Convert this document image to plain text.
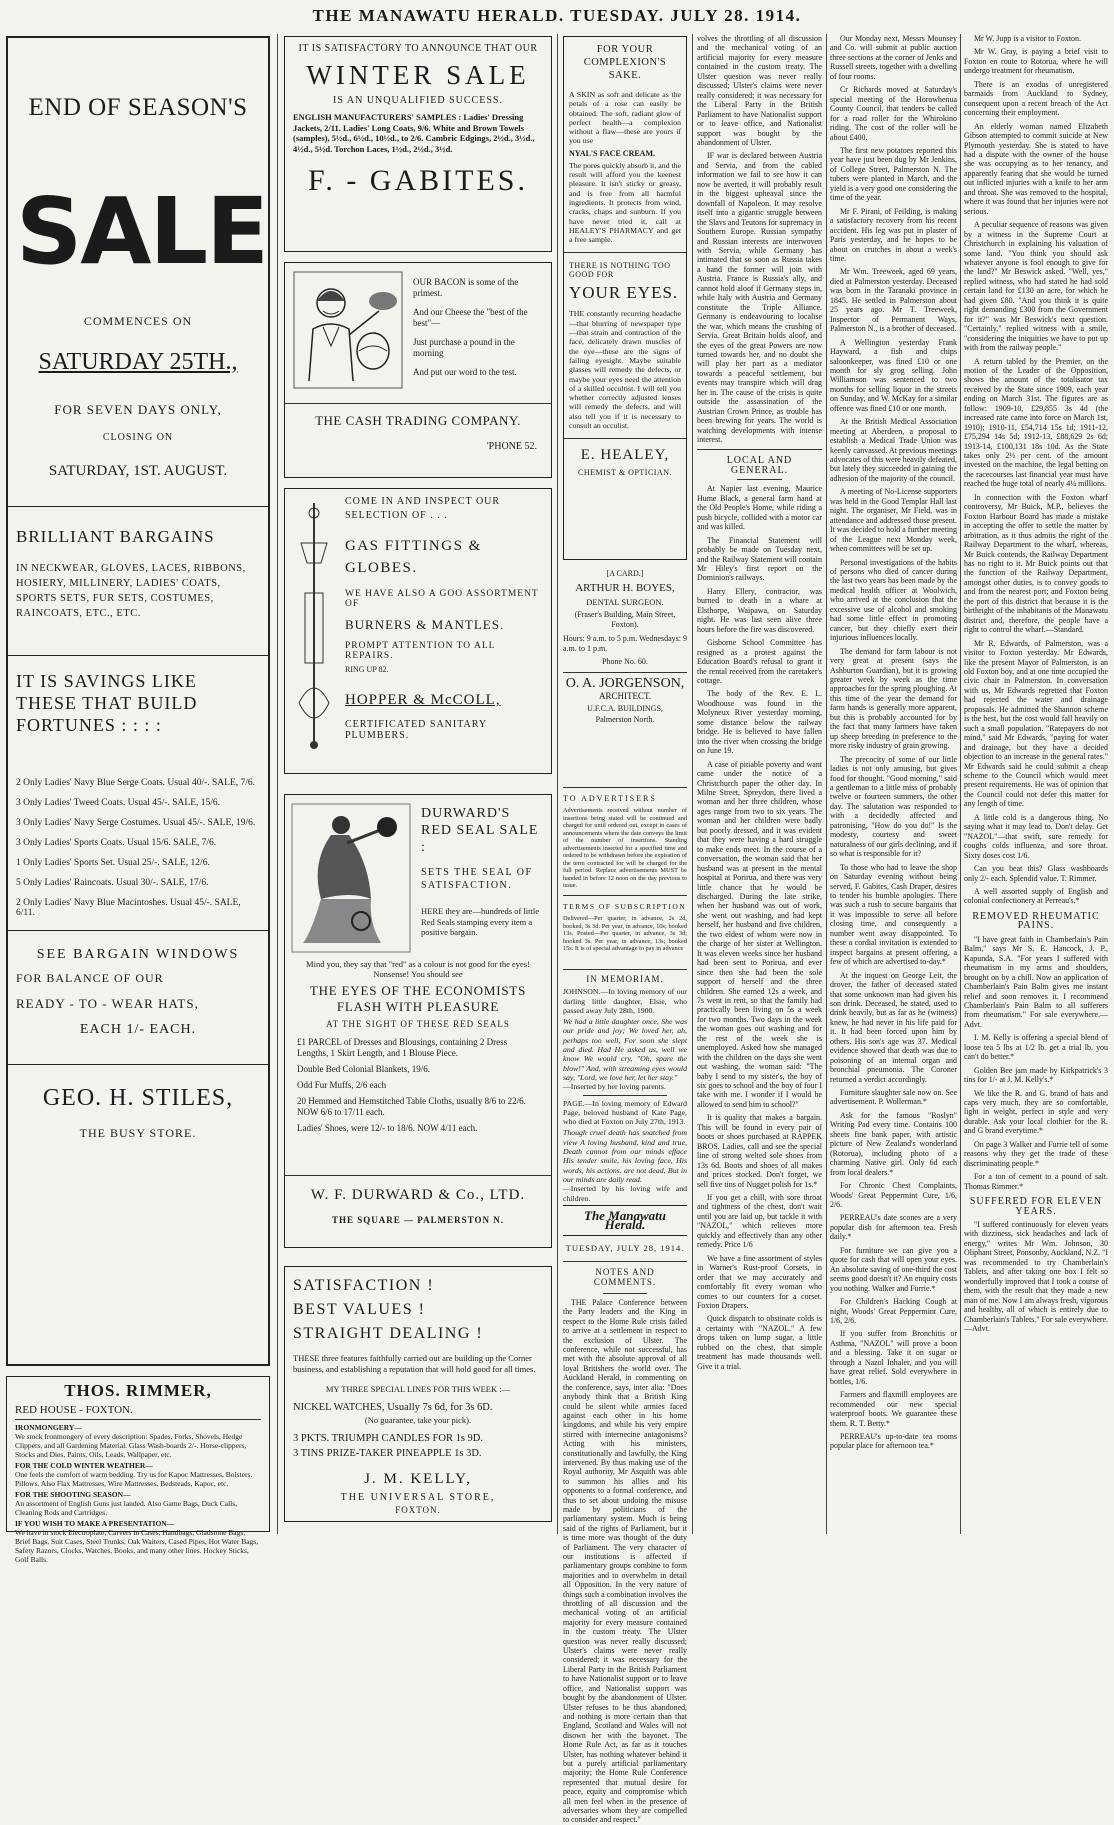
THE MANAWATU HERALD. TUESDAY. JULY 28. 1914.
END OF SEASON'S
SALE
COMMENCES ON
SATURDAY 25TH.,
FOR SEVEN DAYS ONLY,
CLOSING ON
SATURDAY, 1ST. AUGUST.
BRILLIANT BARGAINS
IN NECKWEAR, GLOVES, LACES, RIBBONS, HOSIERY, MILLINERY, LADIES' COATS, SPORTS SETS, FUR SETS, COSTUMES, RAINCOATS, ETC., ETC.
IT IS SAVINGS LIKE THESE THAT BUILD FORTUNES : : : :

2 Only Ladies' Navy Blue Serge Coats. Usual 40/-. SALE, 7/6.

3 Only Ladies' Tweed Coats. Usual 45/-. SALE, 15/6.

3 Only Ladies' Navy Serge Costumes. Usual 45/-. SALE, 19/6.

3 Only Ladies' Sports Coats. Usual 15/6. SALE, 7/6.

1 Only Ladies' Sports Set. Usual 25/-. SALE, 12/6.

5 Only Ladies' Raincoats. Usual 30/-. SALE, 17/6.

2 Only Ladies' Navy Blue Macintoshes. Usual 45/-. SALE, 6/11.

SEE BARGAIN WINDOWS
FOR BALANCE OF OUR
READY - TO - WEAR HATS,
EACH 1/- EACH.
GEO. H. STILES,
THE BUSY STORE.
THOS. RIMMER,
RED HOUSE - FOXTON.
IRONMONGERY—
We stock Ironmongery of every description: Spades, Forks, Shovels, Hedge Clippers, and all Gardening Material. Glass Wash-boards 2/-. Horse-clippers, Stocks and Dies, Paints, Oils, Leads, Wallpaper, etc.
FOR THE COLD WINTER WEATHER—
One feels the comfort of warm bedding. Try us for Kapoc Mattresses, Bolsters, Pillows. Also Flax Mattresses, Wire Mattresses, Bedsteads, Kapoc, etc.
FOR THE SHOOTING SEASON—
An assortment of English Guns just landed. Also Game Bags, Duck Calls, Cleaning Rods and Cartridges.
IF YOU WISH TO MAKE A PRESENTATION—
We have in stock Electroplate, Carvers in Cases, Handbags, Gladstone Bags, Brief Bags, Suit Cases, Steel Trunks, Oak Waiters, Cased Pipes, Hot Water Bags, Safety Razors, Clocks, Watches, Books, and many other lines. Hockey Sticks, Golf Balls.
IT IS SATISFACTORY TO ANNOUNCE THAT OUR
WINTER SALE
IS AN UNQUALIFIED SUCCESS.
ENGLISH MANUFACTURERS' SAMPLES : Ladies' Dressing Jackets, 2/11. Ladies' Long Coats, 9/6. White and Brown Towels (samples), 5½d., 6½d., 10½d., to 2/6. Cambric Edgings, 2½d., 3½d., 4½d., 5½d. Torchon Laces, 1½d., 2½d., 3½d.
F. - GABITES.
OUR BACON is some of the primest.
And our Cheese the "best of the best"—
Just purchase a pound in the morning
And put our word to the test.
THE CASH TRADING COMPANY.
'PHONE 52.
COME IN AND INSPECT OUR SELECTION OF . . .
GAS FITTINGS & GLOBES.
WE HAVE ALSO A GOO ASSORTMENT OF
BURNERS & MANTLES.
PROMPT ATTENTION TO ALL REPAIRS.
RING UP 82.
HOPPER & McCOLL,
CERTIFICATED SANITARY PLUMBERS.
DURWARD'S RED SEAL SALE :
SETS THE SEAL OF SATISFACTION.
HERE they are—hundreds of little Red Seals stamping every item a positive bargain.
Mind you, they say that "red" as a colour is not good for the eyes! Nonsense! You should see
THE EYES OF THE ECONOMISTS FLASH WITH PLEASURE
AT THE SIGHT OF THESE RED SEALS
£1 PARCEL of Dresses and Blousings, containing 2 Dress Lengths, 1 Skirt Length, and 1 Blouse Piece.
Double Bed Colonial Blankets, 19/6.
Odd Fur Muffs, 2/6 each
20 Hemmed and Hemstitched Table Cloths, usually 8/6 to 22/6. NOW 6/6 to 17/11 each.
Ladies' Shoes, were 12/- to 18/6. NOW 4/11 each.
W. F. DURWARD & Co., LTD.
THE SQUARE — PALMERSTON N.
SATISFACTION !
BEST VALUES !
STRAIGHT DEALING !
THESE three features faithfully carried out are building up the Corner business, and establishing a reputation that will hold good for all times.
MY THREE SPECIAL LINES FOR THIS WEEK :—
NICKEL WATCHES, Usually 7s 6d, for 3s 6D.
(No guarantee, take your pick).
3 PKTS. TRIUMPH CANDLES FOR 1s 9D.
3 TINS PRIZE-TAKER PINEAPPLE 1s 3D.
J. M. KELLY,
THE UNIVERSAL STORE,
FOXTON.
FOR YOUR COMPLEXION'S SAKE.
A SKIN as soft and delicate as the petals of a rose can easily be obtained. The soft, radiant glow of perfect health—a complexion without a flaw—these are yours if you use
NYAL'S FACE CREAM.
The pores quickly absorb it, and the result will afford you the keenest pleasure. It isn't sticky or greasy, and is free from all harmful ingredients. It protects from wind, cracks, chaps and sunburn. If you have never tried it, call at HEALEY'S PHARMACY and get a free sample.
THERE IS NOTHING TOO GOOD FOR
YOUR EYES.
THE constantly recurring headache—that blurring of newspaper type—that strain and contraction of the face, delicately drawn muscles of the eye—these are the signs of failing eyesight. Maybe suitable glasses will remedy the defects, or maybe your eyes need the attention of a skilled occultist. I will tell you whether correctly adjusted lenses will remedy the defects, and will also tell you if it is necessary to consult an occulist.
E. HEALEY,
CHEMIST & OPTICIAN.
[A CARD.]
ARTHUR H. BOYES,
DENTAL SURGEON.
(Fraser's Building, Main Street, Foxton).
Hours: 9 a.m. to 5 p.m. Wednesdays: 9 a.m. to 1 p.m.
Phone No. 60.
O. A. JORGENSON,
ARCHITECT.
U.F.C.A. BUILDINGS,
Palmerston North.
TO ADVERTISERS
Advertisements received without number of insertions being stated will be continued and charged for until ordered out, except in cases of announcements where the date conveys the limit of the number of insertions. Standing advertisements inserted for a specified time and ordered to be withdrawn before the expiration of the term contracted for will be charged for the full period. Replace advertisements MUST be handed in before 12 noon on the day previous to issue.
TERMS OF SUBSCRIPTION
Delivered—Per quarter, in advance, 2s 2d, booked, 3s 3d. Per year, in advance, 10s; booked 13s. Posted—Per quarter, in advance, 3s 3d; booked 3s. Per year, in advance, 13s; booked 15s. It is of special advantage to pay in advance
IN MEMORIAM.
JOHNSON.—In loving memory of our darling little daughter, Elsie, who passed away July 28th, 1900.
We had a little daughter once, She was our pride and joy; We loved her, ah, perhaps too well, For soon she slept and died. Had He asked us, well we know We would cry, "Oh, spare the blow!" And, with streaming eyes would say, "Lord, we love her, let her stay."
—Inserted by her loving parents.
PAGE.—In loving memory of Edward Page, beloved husband of Kate Page, who died at Foxton on July 27th, 1913.
Though cruel death has snatched from view A loving husband, kind and true, Death cannot from our minds efface His tender smile, his loving face, His words, his actions, are not dead, But in our minds are daily read.
—Inserted by his loving wife and children.
The Manawatu Herald.
TUESDAY, JULY 28, 1914.
NOTES AND COMMENTS.

THE Palace Conference between the Party leaders and the King in respect to the Home Rule crisis failed to arrive at a settlement in respect to the exclusion of Ulster. The conference, while not successful, has met with the absolute approval of all loyal Britishers the world over. The Auckland Herald, in commenting on the conference, says, inter alia: "Does anybody think that a British King could be silent while armies faced against each other in his home kingdoms, and while his very empire stirred with internecine antagonisms? Acting with his ministers, constitutionally and lawfully, the King intervened. By thus making use of the Royal authority, Mr Asquith was able to summon his allies and his opponents to a formal conference, and thus to set about undoing the misuse made by politicians of the parliamentary system. Much is being said of the rights of Parliament, but it is time more was thought of the duty of Parliament. The very character of our institutions is affected if parliamentary groups combine to form majorities and to overwhelm in detail all Opposition. In the very nature of things such a combination involves the throttling of all discussion and the mechanical voting of an artificial majority for every measure contained in the custom treaty. The Ulster question was never really discussed; Ulster's claims were never really considered; it was necessary for the Liberal Party in the British Parliament to have Nationalist support or to leave office, and Nationalist support was bought by the abandonment of Ulster. Ulster refuses to be thus abandoned, and nothing is more certain than that England, Scotland and Wales will not disown her with the bayonet. The Home Rule Act, as far as it touches Ulster, has nothing whatever behind it but a purely artificial parliamentary majority; the Home Rule Conference represented that mutual desire for peace, equity and compromise which all men feel when in the presence of adversaries whom they are compelled to consider and respect."

volves the throttling of all discussion and the mechanical voting of an artificial majority for every measure contained in the custom treaty. The Ulster question was never really discussed; Ulster's claims were never really considered; it was necessary for the Liberal Party in the British Parliament to have Nationalist support or to leave office, and Nationalist support was bought by the abandonment of Ulster.

IF war is declared between Austria and Servia, and from the cabled information we fail to see how it can now be averted, it will probably result in the biggest upheaval since the downfall of Napoleon. It may resolve itself into a gigantic struggle between the Slavs and Teutons for supremacy in Southern Europe. Russian sympathy and Russian interests are interwoven with Servia, while Germany has intimated that so soon as Russia takes a hand the former will join with Austria. France is Russia's ally, and cannot hold aloof if Germany steps in, while Italy with Austria and Germany constitute the Triple Alliance. Germany is endeavouring to localise the war, which means the crushing of Servia. Great Britain holds aloof, and the eyes of the great Powers are now turned towards her, and no doubt she will play her part as a mediator towards a peaceful settlement, but events may transpire which will drag her in. The cause of the crisis is quite outside the assassination of the Austrian Crown Prince, as trouble has been brewing for years. The world is watching developments with intense interest.

LOCAL AND GENERAL.

At Napier last evening, Maurice Hume Black, a general farm hand at the Old People's Home, while riding a push bicycle, collided with a motor car and was killed.

The Financial Statement will probably be made on Tuesday next, and the Railway Statement will contain Mr Hiley's first report on the Dominion's railways.

Harry Ellery, contractor, was burned to death in a whare at Elsthorpe, Waipawa, on Saturday night. He was last seen alive three hours before the fire was discovered.

Gisborne School Committee has resigned as a protest against the Education Board's refusal to grant it the rental received from the caretaker's cottage.

The body of the Rev. E. L. Woodhouse was found in the Molyneux River yesterday morning, some distance below the railway bridge. He is believed to have fallen into the river when crossing the bridge on June 19.

A case of pitiable poverty and want came under the notice of a Christchurch paper the other day. In Milne Street, Spreydon, there lived a woman and her three children, whose ages range from two to six years. The woman and her children were badly but poorly dressed, and it was evident that they were having a hard struggle to make ends meet. In the course of a conversation, the woman said that her husband was at present in the mental hospital at Porirua, and there was very little chance that he would be discharged. During the late strike, when her husband was out of work, she went out washing, and had kept herself, her husband and five children, the two eldest of whom were now in the charge of her sister at Wellington. It was eleven weeks since her husband had been sent to Porirua, and ever since then she had been the sole support of herself and the three children. She earned 12s a week, and 7s went in rent, so that the family had practically been living on 5s a week for two months. Two days in the week the woman goes out washing and for the rest of the week she is unemployed. Asked how she managed with the children on the days she went out washing, the woman said: "The baby I send to my sister's, the boy of six goes to school and the boy of four I take with me. I wonder if I would be allowed to send him to school?"

It is quality that makes a bargain. This will be found in every pair of boots or shoes purchased at RAPPEK BROS. Ladies, call and see the special line of strong welted sole shoes from 13s 6d. Boots and shoes of all makes and prices stocked. Don't forget, we sell five tins of Nugget polish for 1s.*

If you get a chill, with sore throat and tightness of the chest, don't wait until you are laid up, but tackle it with "NAZOL," which relieves more quickly and effectively than any other remedy. Price 1/6

We have a fine assortment of styles in Warner's Rust-proof Corsets, in order that we may accurately and comfortably fit every woman who comes to our counters for a corset. Foxton Drapers.

Quick dispatch to obstinate colds is a certainty with "NAZOL." A few drops taken on lump sugar, a little rubbed on the chest, that simple treatment has made thousands well. Give it a trial.

Our Monday next, Messrs Mounsey and Co. will submit at public auction three sections at the corner of Jenks and Russell streets, together with a dwelling of four rooms.

Cr Richards moved at Saturday's special meeting of the Horowhenua County Council, that tenders be called for a road roller for the Whirokino riding. The cost of the roller will be about £400.

The first new potatoes reported this year have just been dug by Mr Jenkins, of College Street, Palmerston N. The tubers were planted in March, and the yield is a very good one considering the time of the year.

Mr F. Pirani, of Feilding, is making a satisfactory recovery from his recent accident. His leg was put in plaster of Paris yesterday, and he hopes to be about on crutches in about a week's time.

Mr Wm. Treeweek, aged 69 years, died at Palmerston yesterday. Deceased was born in the Taranaki province in 1845. He settled in Palmerston about 25 years ago. Mr T. Treeweek, Inspector of Permanent Ways, Palmerston N., is a brother of deceased.

A Wellington yesterday Frank Hayward, a fish and chips saloonkeeper, was fined £10 or one month for sly grog selling. John Williamson was sentenced to two months for selling liquor in the streets on Sunday, and W. McKay for a similar offence was fined £10 or one month.

At the British Medical Association meeting at Aberdeen, a proposal to establish a Medical Trade Union was keenly canvassed. At previous meetings advocates of this were heavily defeated, but lately they succeeded in gaining the adhesion of the majority of the council.

A meeting of No-License supporters was held in the Good Templar Hall last night. The organiser, Mr Field, was in attendance and addressed those present. It was decided to hold a further meeting of the League next Monday week, when committees will be set up.

Personal investigations of the habits of persons who died of cancer during the last two years has been made by the medical health officer at Woolwich, who arrived at the conclusion that the excessive use of alcohol and smoking had some little effect in promoting cancer, but they chiefly exert their injurious influences locally.

The demand for farm labour is not very great at present (says the Ashburton Guardian), but it is growing greater week by week as the time approaches for the spring ploughing. At this time of the year the demand for farm hands is generally more apparent, but this is probably accounted for by the fact that many farmers have taken up sheep breeding in preference to the more risky industry of grain growing.

The precocity of some of our little ladies is not only amusing, but gives food for thought. "Good morning," said a gentleman to a little miss of probably twelve or fourteen summers, the other day. The salutation was responded to with a decidedly affected and patronising, "How do you do!" Is the modesty, courtesy and sweet naturalness of our girls declining, and if so what is responsible for it?

To those who had to leave the shop on Saturday evening without being served, F. Gabites, Cash Draper, desires to tender his humble apologies. There was such a rush to secure bargains that it was impossible to serve all before closing time, and consequently a number went away disappointed. To these a cordial invitation is extended to inspect bargains at present offering, a few of which are advertised to-day.*

At the inquest on George Leit, the drover, the father of deceased stated that some unknown man had given his son drink. Deceased, he stated, used to drink heavily, but as far as he (witness) knew, he had never in his life paid for it. It had been forced upon him by others. His son's age was 37. Medical evidence showed that death was due to poisoning of an internal organ and bronchial pneumonia. The Coroner returned a verdict accordingly.

Furniture slaughter sale now on. See advertisement. P. Wollerman.*

Ask for the famous "Roslyn" Writing Pad every time. Contains 100 sheets fine bank paper, with artistic picture of New Zealand's wonderland (Rotorua), including photo of a charming Native girl. Only 6d each from local dealers.*

For Chronic Chest Complaints, Woods' Great Peppermint Cure, 1/6, 2/6.

PERREAU's date scones are a very popular dish for afternoon tea. Fresh daily.*

For furniture we can give you a quote for cash that will open your eyes. An absolute saving of one-third the cost seems good doesn't it? An enquiry costs you nothing. Walker and Furrie.*

For Children's Hacking Cough at night, Woods' Great Peppermint Cure, 1/6, 2/6.

If you suffer from Bronchitis or Asthma, "NAZOL" will prove a boon and a blessing. Take it on sugar or through a Nazol Inhaler, and you will have great relief. Sold everywhere in bottles, 1/6.

Farmers and flaxmill employees are recommended our new special waterproof boots. We guarantee these them. R. T. Betty.*

PERREAU's up-to-date tea rooms popular place for afternoon tea.*

Mr W. Jupp is a visitor to Foxton.

Mr W. Gray, is paying a brief visit to Foxton en route to Rotorua, where he will undergo treatment for rheumatism.

There is an exodus of unregistered barmaids from Auckland to Sydney, consequent upon a recent breach of the Act concerning their employment.

An elderly woman named Elizabeth Gibson attempted to commit suicide at New Plymouth yesterday. She is stated to have had a dispute with the owner of the house she was occupying as to her tenancy, and apparently fearing that she would be turned out inflicted injuries with a knife to her arm and throat. She was removed to the hospital, where it was found that her injuries were not serious.

A peculiar sequence of reasons was given by a witness in the Supreme Court at Christchurch in explaining his valuation of some land. "You think you should ask whatever anyone is fool enough to give for the land?" Mr Beswick asked. "Well, yes," replied witness, who had stated he had sold certain land for £130 an acre, for which he had given £80. "And you think it is quite right demanding £300 from the Government for it?" was Mr Beswick's next question. "Certainly," replied witness with a smile, "considering the iniquities we have to put up with from the railway people."

A return tabled by the Premier, on the motion of the Leader of the Opposition, shows the amount of the totalisator tax received by the State since 1909, each year ending on March 31st. The figures are as follow: 1909-10, £29,855 3s 4d (the increased rate came into force on March 1st, 1910); 1910-11, £54,714 15s 1d; 1911-12, £75,294 14s 5d; 1912-13, £88,629 2s 6d; 1913-14, £100,131 18s 10d. As the State takes only 2½ per cent. of the amount invested on the machine, the legal betting on the racecourses last financial year must have reached the huge total of nearly 4¼ millions.

In connection with the Foxton wharf controversy, Mr Buick, M.P., believes the Foxton Harbour Board has made a mistake in accepting the offer to settle the matter by arbitration, as it thus admits the right of the Railway Department to the wharf, whereas, Mr Buick contends, the Railway Department has no right to it. Mr Buick points out that the function of the Railway Department, amongst other duties, is to convey goods to and from the nearest port; and Foxton being the port of this district that because it is the birthright of the inhabitants of the Manawatu district and, therefore, the people have a right to control the wharf.—Standard.

Mr R. Edwards, of Palmerston, was a visitor to Foxton yesterday. Mr Edwards, like the present Mayor of Palmerston, is an old Foxton boy, and at one time occupied the civic chair in Palmerston. In conversation with us, Mr Edwards regretted that Foxton had rejected the water and drainage proposals. He admitted the Shannon scheme is the best, but the cost would fall heavily on such a small population. "Ratepayers do not mind," said Mr Edwards, "paying for water and drainage, but they have a decided objection to an increase in the general rates." Mr Edwards said he could submit a cheap scheme to the Council which would meet present requirements. He was of opinion that the Council could not defer this matter for any length of time.

A little cold is a dangerous thing. No saying what it may lead to. Don't delay. Get "NAZOL"—that swift, sure remedy for coughs colds influenza, and sore throat. Sixty doses cost 1/6.

Can you beat this? Glass washboards only 2/- each. Splendid value. T. Rimmer.

A well assorted supply of English and colonial confectionery at Perreau's.*

REMOVED RHEUMATIC PAINS.

"I have great faith in Chamberlain's Pain Balm," says Mr S. E. Hancock, J. P., Kapunda, S.A. "For years I suffered with rheumatism in my arms and shoulders, brought on by a chill. Now an application of Chamberlain's Pain Balm gives me instant relief and soon removes it. I recommend Chamberlain's Pain Balm to all sufferers from rheumatism." For sale everywhere.—Advt.

I. M. Kelly is offering a special blend of loose tea 5 lbs at 1/2 lb. get a trial lb. you can't do better.*

Golden Bee jam made by Kirkpatrick's 3 tins for 1/- at J. M. Kelly's.*

We like the R. and G. brand of hats and caps very much, they are so comfortable, light in weight, perfect in style and very durable. Ask your local clothier for the R. and G brand everytime.*

On page 3 Walker and Furrie tell of some reasons why they get the trade of these discriminating people.*

For a ton of cement to a pound of salt. Thomas Rimmer.*

SUFFERED FOR ELEVEN YEARS.

"I suffered continuously for eleven years with dizziness, sick headaches and lack of energy," writes Mr Wm. Johnson, 30 Oliphant Street, Ponsonby, Auckland, N.Z. "I was recommended to try Chamberlain's Tablets, and after taking one box I felt so wonderfully improved that I took a course of them, with the result that they made a new man of me. Now I am always fresh, vigorous and healthy, all of which is entirely due to Chamberlain's Tablets." For sale everywhere.—Advt.
